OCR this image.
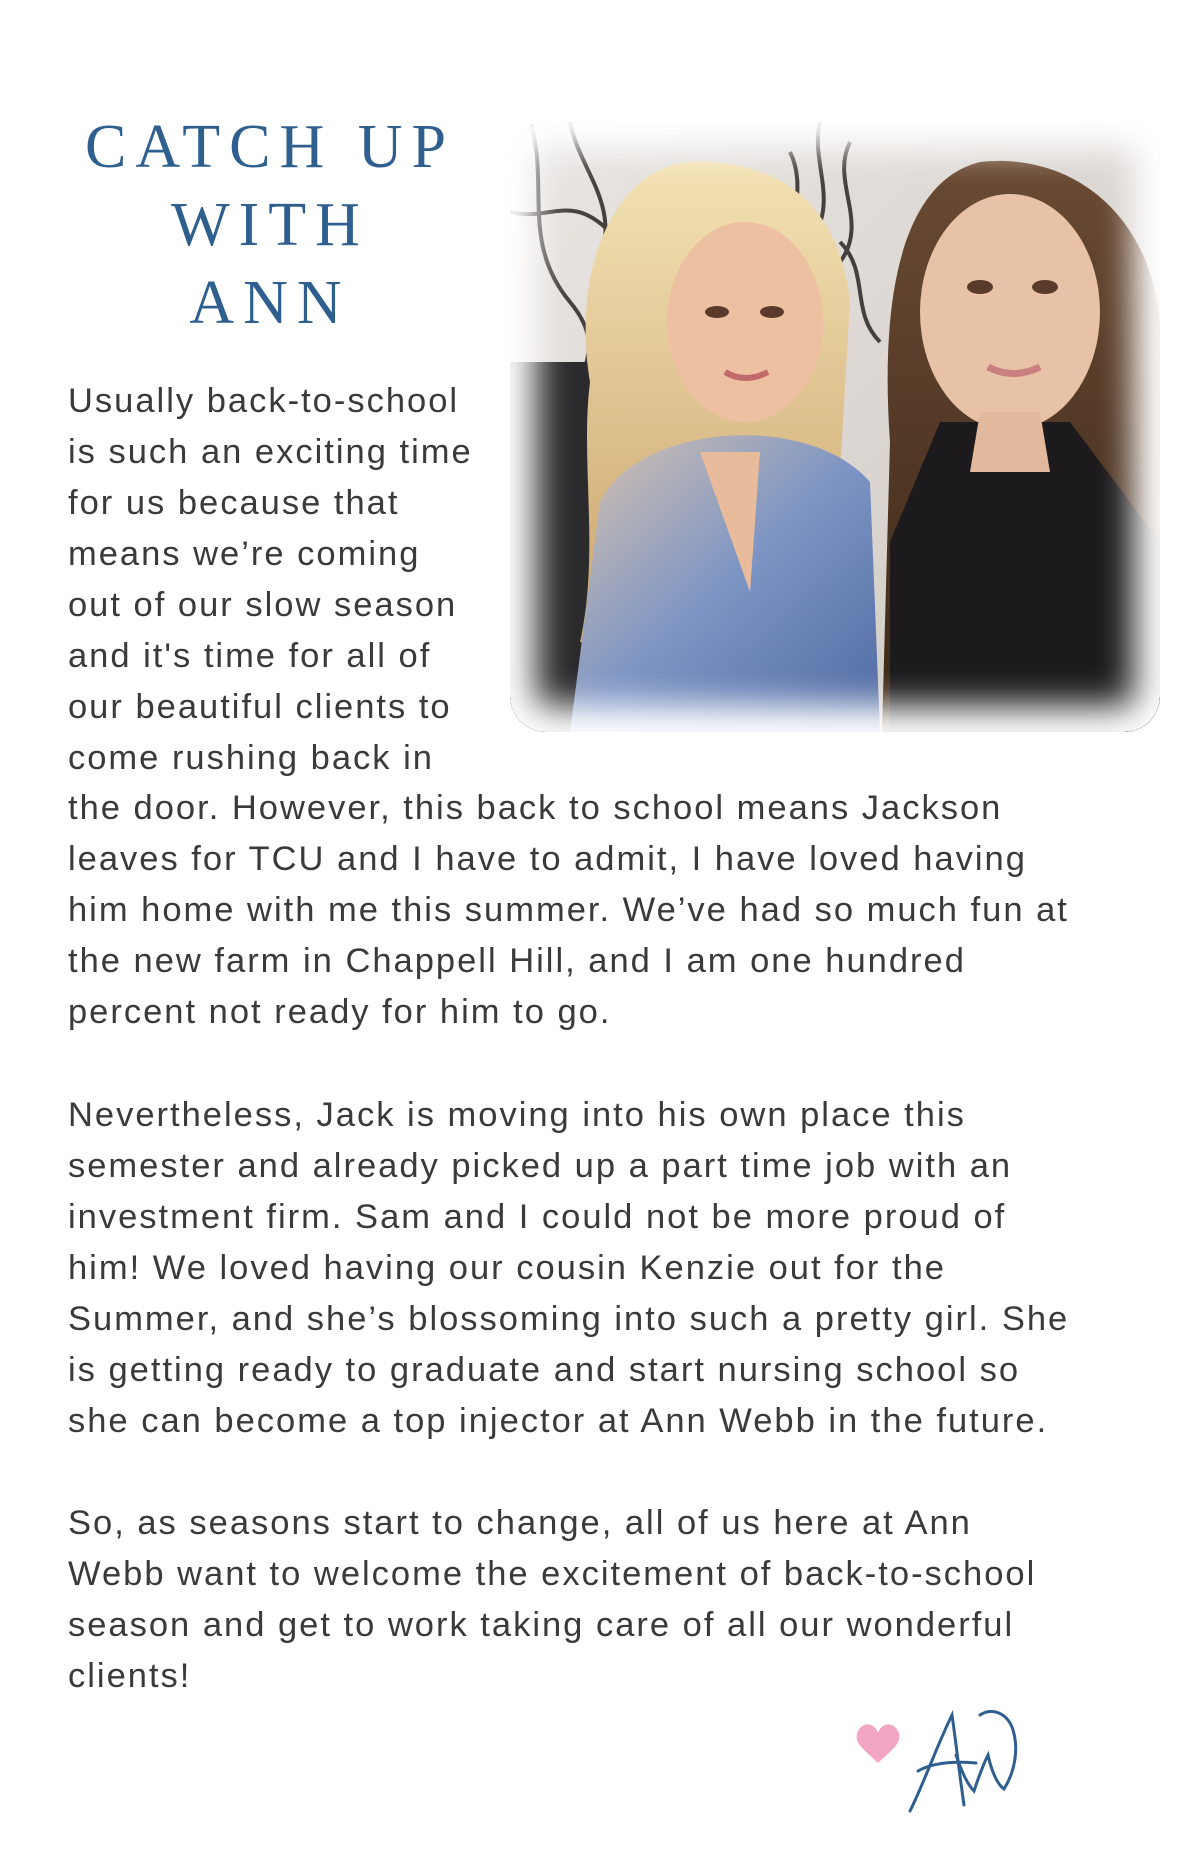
CATCH UP
WITH
ANN
Usually back-to-school
is such an exciting time
for us because that
means we’re coming
out of our slow season
and it's time for all of
our beautiful clients to
come rushing back in
the door. However, this back to school means Jackson
leaves for TCU and I have to admit, I have loved having
him home with me this summer. We’ve had so much fun at
the new farm in Chappell Hill, and I am one hundred
percent not ready for him to go.
Nevertheless, Jack is moving into his own place this
semester and already picked up a part time job with an
investment firm. Sam and I could not be more proud of
him! We loved having our cousin Kenzie out for the
Summer, and she’s blossoming into such a pretty girl. She
is getting ready to graduate and start nursing school so
she can become a top injector at Ann Webb in the future.
So, as seasons start to change, all of us here at Ann
Webb want to welcome the excitement of back-to-school
season and get to work taking care of all our wonderful
clients!
